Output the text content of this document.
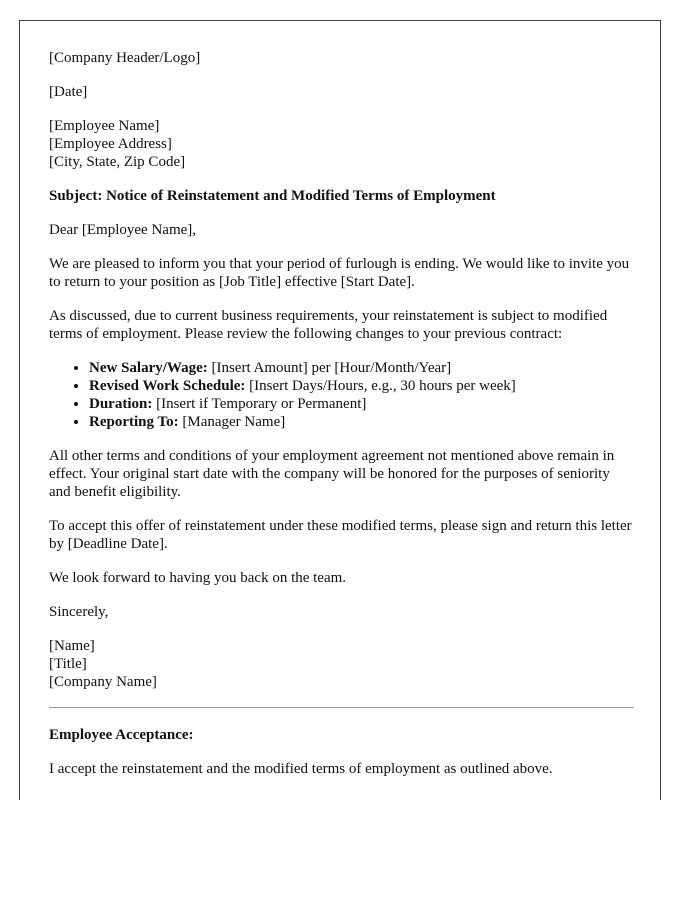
[Company Header/Logo]

[Date]

[Employee Name]
[Employee Address]
[City, State, Zip Code]

Subject: Notice of Reinstatement and Modified Terms of Employment

Dear [Employee Name],

We are pleased to inform you that your period of furlough is ending. We would like to invite you to return to your position as [Job Title] effective [Start Date].

As discussed, due to current business requirements, your reinstatement is subject to modified terms of employment. Please review the following changes to your previous contract:

• New Salary/Wage: [Insert Amount] per [Hour/Month/Year]
• Revised Work Schedule: [Insert Days/Hours, e.g., 30 hours per week]
• Duration: [Insert if Temporary or Permanent]
• Reporting To: [Manager Name]

All other terms and conditions of your employment agreement not mentioned above remain in effect. Your original start date with the company will be honored for the purposes of seniority and benefit eligibility.

To accept this offer of reinstatement under these modified terms, please sign and return this letter by [Deadline Date].

We look forward to having you back on the team.

Sincerely,

[Name]
[Title]
[Company Name]

Employee Acceptance:

I accept the reinstatement and the modified terms of employment as outlined above.
